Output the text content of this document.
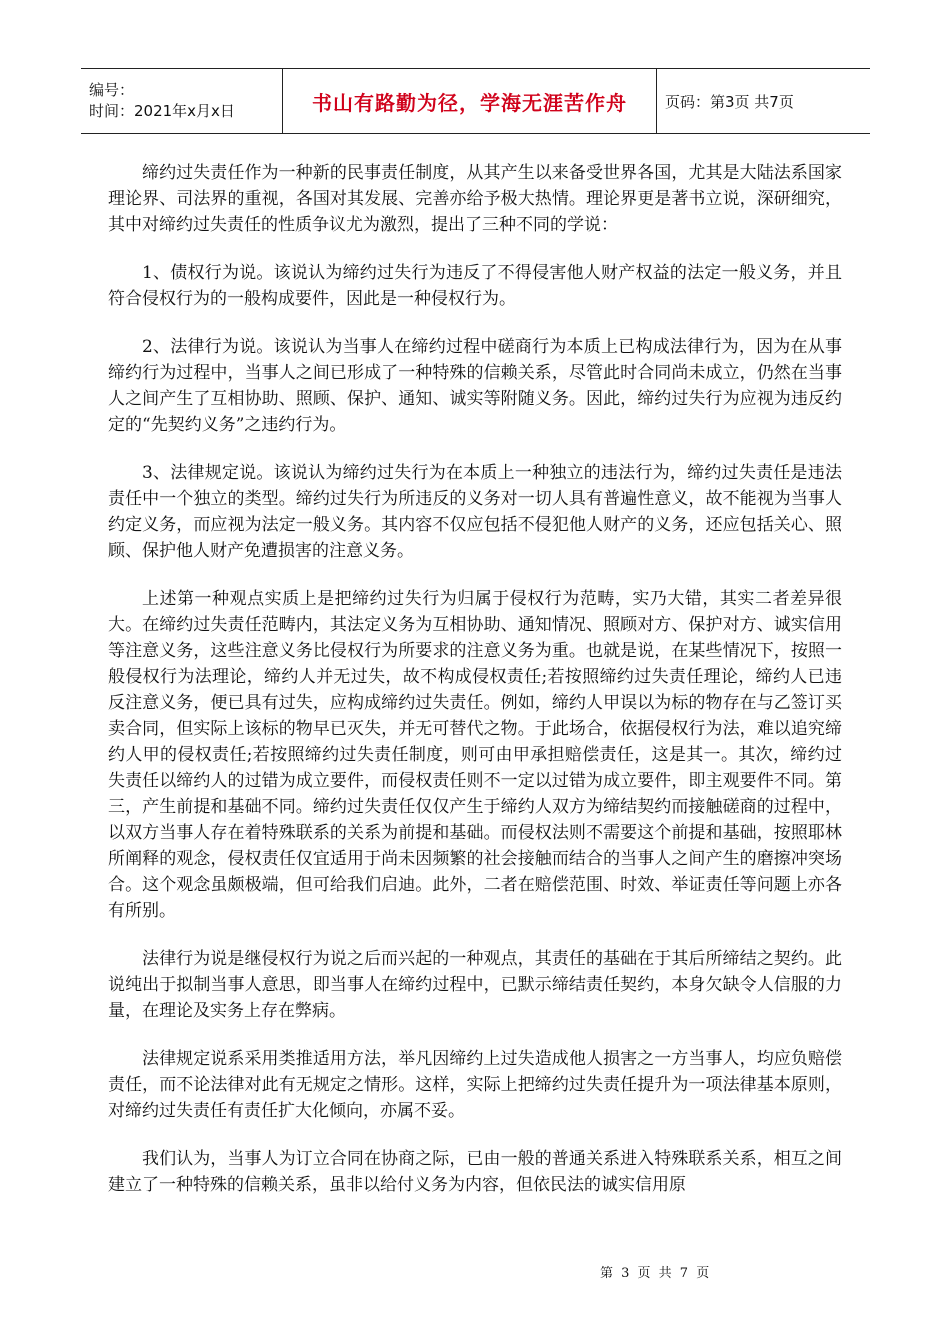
编号：
时间：2021年x月x日	书山有路勤为径，学海无涯苦作舟	页码：第3页 共7页

缔约过失责任作为一种新的民事责任制度，从其产生以来备受世界各国，尤其是大陆法系国家理论界、司法界的重视，各国对其发展、完善亦给予极大热情。理论界更是著书立说，深研细究，其中对缔约过失责任的性质争议尤为激烈，提出了三种不同的学说：

1、债权行为说。该说认为缔约过失行为违反了不得侵害他人财产权益的法定一般义务，并且符合侵权行为的一般构成要件，因此是一种侵权行为。

2、法律行为说。该说认为当事人在缔约过程中磋商行为本质上已构成法律行为，因为在从事缔约行为过程中，当事人之间已形成了一种特殊的信赖关系，尽管此时合同尚未成立，仍然在当事人之间产生了互相协助、照顾、保护、通知、诚实等附随义务。因此，缔约过失行为应视为违反约定的“先契约义务”之违约行为。

3、法律规定说。该说认为缔约过失行为在本质上一种独立的违法行为，缔约过失责任是违法责任中一个独立的类型。缔约过失行为所违反的义务对一切人具有普遍性意义，故不能视为当事人约定义务，而应视为法定一般义务。其内容不仅应包括不侵犯他人财产的义务，还应包括关心、照顾、保护他人财产免遭损害的注意义务。

上述第一种观点实质上是把缔约过失行为归属于侵权行为范畴，实乃大错，其实二者差异很大。在缔约过失责任范畴内，其法定义务为互相协助、通知情况、照顾对方、保护对方、诚实信用等注意义务，这些注意义务比侵权行为所要求的注意义务为重。也就是说，在某些情况下，按照一般侵权行为法理论，缔约人并无过失，故不构成侵权责任;若按照缔约过失责任理论，缔约人已违反注意义务，便已具有过失，应构成缔约过失责任。例如，缔约人甲误以为标的物存在与乙签订买卖合同，但实际上该标的物早已灭失，并无可替代之物。于此场合，依据侵权行为法，难以追究缔约人甲的侵权责任;若按照缔约过失责任制度，则可由甲承担赔偿责任，这是其一。其次，缔约过失责任以缔约人的过错为成立要件，而侵权责任则不一定以过错为成立要件，即主观要件不同。第三，产生前提和基础不同。缔约过失责任仅仅产生于缔约人双方为缔结契约而接触磋商的过程中，以双方当事人存在着特殊联系的关系为前提和基础。而侵权法则不需要这个前提和基础，按照耶林所阐释的观念，侵权责任仅宜适用于尚未因频繁的社会接触而结合的当事人之间产生的磨擦冲突场合。这个观念虽颇极端，但可给我们启迪。此外，二者在赔偿范围、时效、举证责任等问题上亦各有所别。

法律行为说是继侵权行为说之后而兴起的一种观点，其责任的基础在于其后所缔结之契约。此说纯出于拟制当事人意思，即当事人在缔约过程中，已默示缔结责任契约，本身欠缺令人信服的力量，在理论及实务上存在弊病。

法律规定说系采用类推适用方法，举凡因缔约上过失造成他人损害之一方当事人，均应负赔偿责任，而不论法律对此有无规定之情形。这样，实际上把缔约过失责任提升为一项法律基本原则，对缔约过失责任有责任扩大化倾向，亦属不妥。

我们认为，当事人为订立合同在协商之际，已由一般的普通关系进入特殊联系关系，相互之间建立了一种特殊的信赖关系，虽非以给付义务为内容，但依民法的诚实信用原

第 3 页 共 7 页
